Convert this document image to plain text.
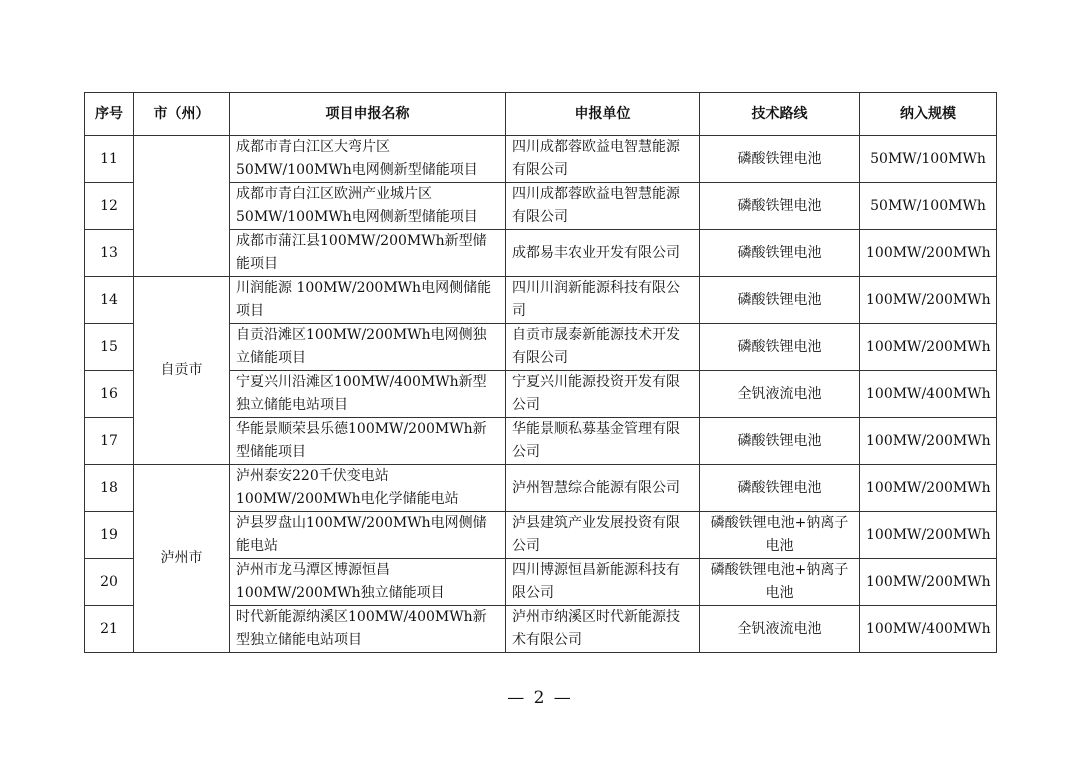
序号	市（州）	项目申报名称	申报单位	技术路线	纳入规模
11		成都市青白江区大弯片区50MW/100MWh电网侧新型储能项目	四川成都蓉欧益电智慧能源有限公司	磷酸铁锂电池	50MW/100MWh
12		成都市青白江区欧洲产业城片区50MW/100MWh电网侧新型储能项目	四川成都蓉欧益电智慧能源有限公司	磷酸铁锂电池	50MW/100MWh
13		成都市蒲江县100MW/200MWh新型储能项目	成都易丰农业开发有限公司	磷酸铁锂电池	100MW/200MWh
14	自贡市	川润能源 100MW/200MWh电网侧储能项目	四川川润新能源科技有限公司	磷酸铁锂电池	100MW/200MWh
15		自贡沿滩区100MW/200MWh电网侧独立储能项目	自贡市晟泰新能源技术开发有限公司	磷酸铁锂电池	100MW/200MWh
16		宁夏兴川沿滩区100MW/400MWh新型独立储能电站项目	宁夏兴川能源投资开发有限公司	全钒液流电池	100MW/400MWh
17		华能景顺荣县乐德100MW/200MWh新型储能项目	华能景顺私募基金管理有限公司	磷酸铁锂电池	100MW/200MWh
18	泸州市	泸州泰安220千伏变电站100MW/200MWh电化学储能电站	泸州智慧综合能源有限公司	磷酸铁锂电池	100MW/200MWh
19		泸县罗盘山100MW/200MWh电网侧储能电站	泸县建筑产业发展投资有限公司	磷酸铁锂电池+钠离子电池	100MW/200MWh
20		泸州市龙马潭区博源恒昌100MW/200MWh独立储能项目	四川博源恒昌新能源科技有限公司	磷酸铁锂电池+钠离子电池	100MW/200MWh
21		时代新能源纳溪区100MW/400MWh新型独立储能电站项目	泸州市纳溪区时代新能源技术有限公司	全钒液流电池	100MW/400MWh
— 2 —
